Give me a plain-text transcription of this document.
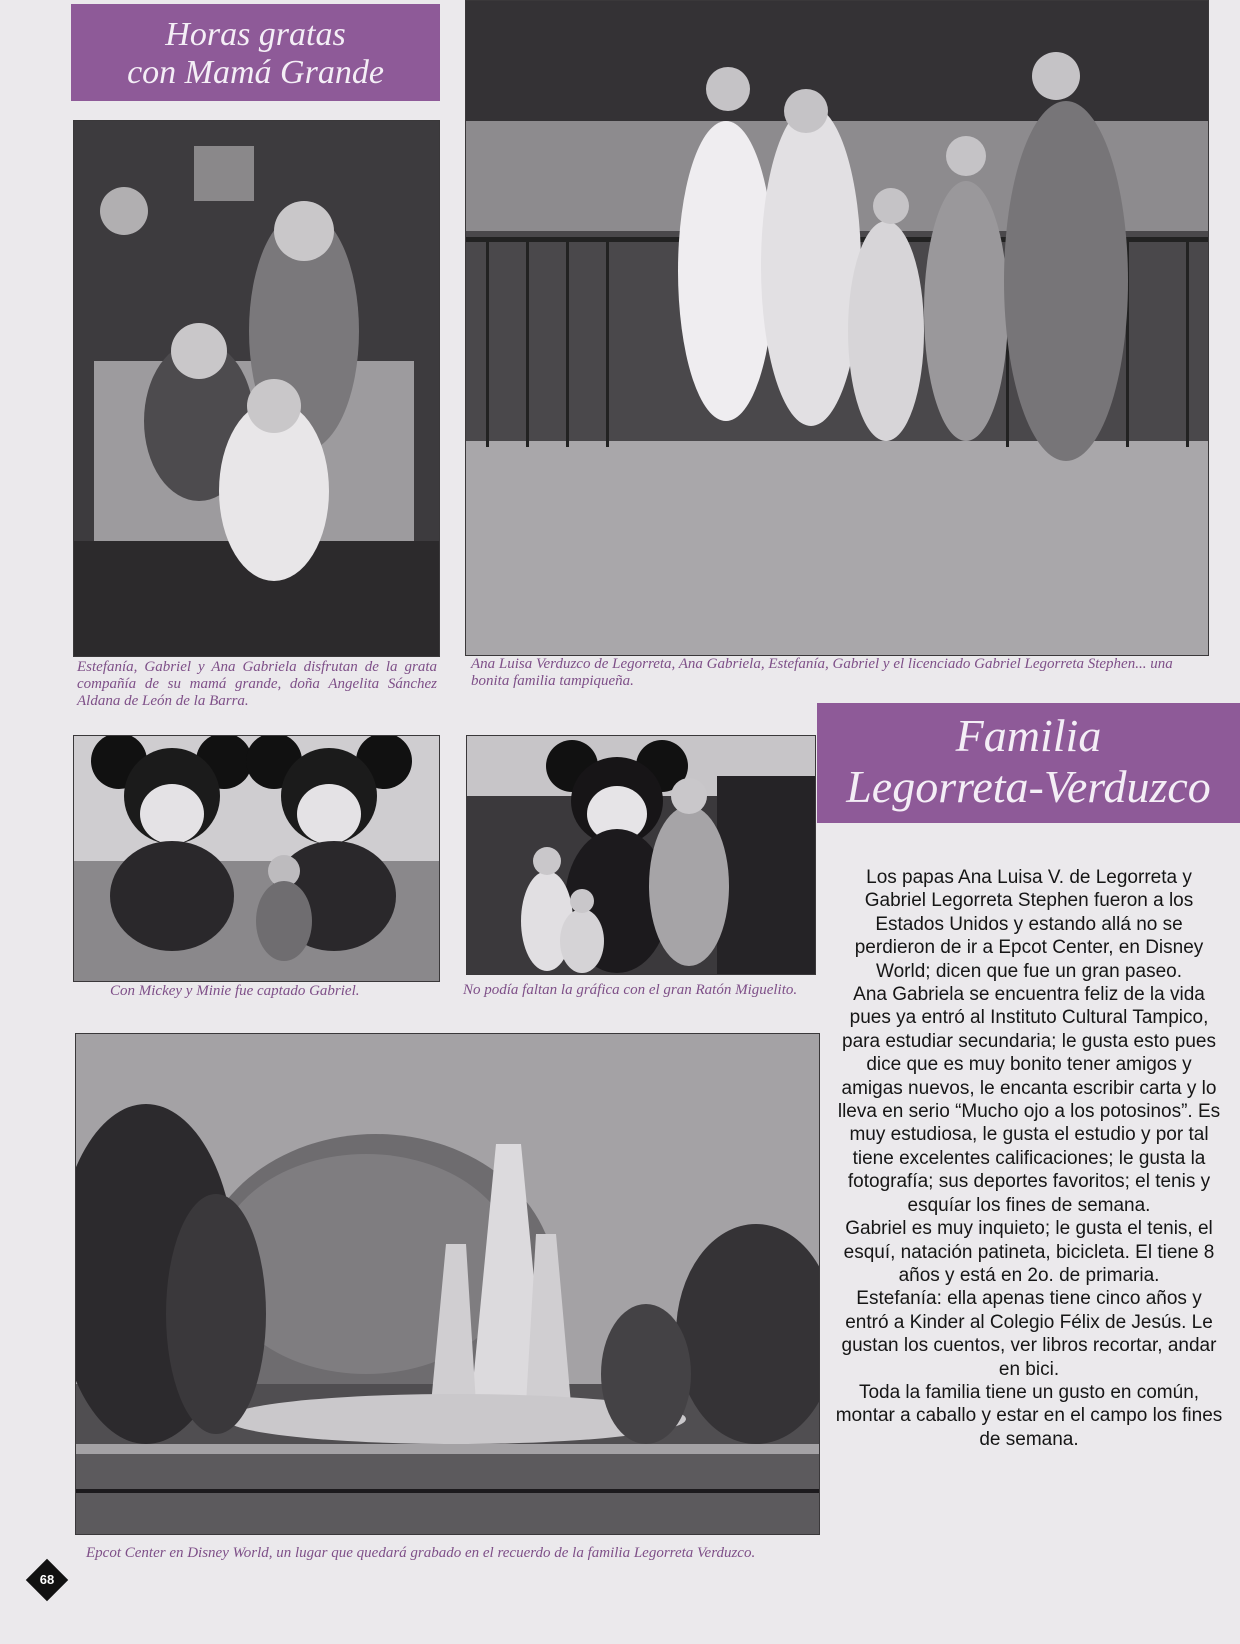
Horas gratas
con Mamá Grande
Estefanía, Gabriel y Ana Gabriela disfrutan de la grata compañía de su mamá grande, doña Angelita Sánchez Aldana de León de la Barra.
Ana Luisa Verduzco de Legorreta, Ana Gabriela, Estefanía, Gabriel y el licenciado Gabriel Legorreta Stephen... una bonita familia tampiqueña.
Familia
Legorreta-Verduzco
Con Mickey y Minie fue captado Gabriel.	No podía faltan la gráfica con el gran Ratón Miguelito.
Epcot Center en Disney World, un lugar que quedará grabado en el recuerdo de la familia Legorreta Verduzco.

Los papas Ana Luisa V. de Legorreta y Gabriel Legorreta Stephen fueron a los Estados Unidos y estando allá no se perdieron de ir a Epcot Center, en Disney World; dicen que fue un gran paseo.

Ana Gabriela se encuentra feliz de la vida pues ya entró al Instituto Cultural Tampico, para estudiar secundaria; le gusta esto pues dice que es muy bonito tener amigos y amigas nuevos, le encanta escribir carta y lo lleva en serio “Mucho ojo a los potosinos”. Es muy estudiosa, le gusta el estudio y por tal tiene excelentes calificaciones; le gusta la fotografía; sus deportes favoritos; el tenis y esquíar los fines de semana.

Gabriel es muy inquieto; le gusta el tenis, el esquí, natación patineta, bicicleta. El tiene 8 años y está en 2o. de primaria.

Estefanía: ella apenas tiene cinco años y entró a Kinder al Colegio Félix de Jesús. Le gustan los cuentos, ver libros recortar, andar en bici.

Toda la familia tiene un gusto en común, montar a caballo y estar en el campo los fines de semana.

68
